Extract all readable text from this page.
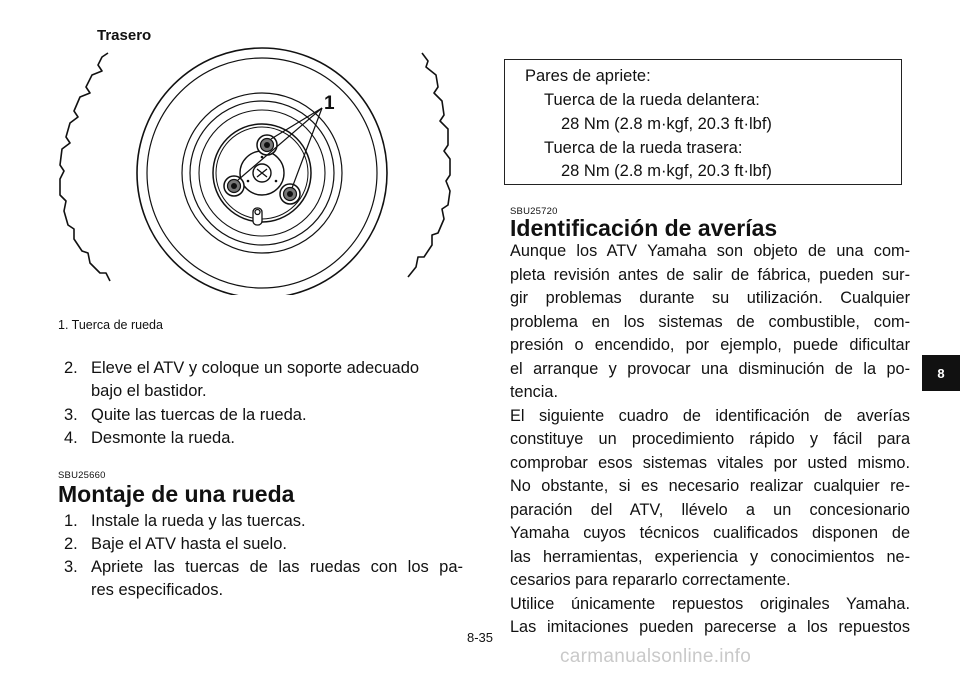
Trasero
1
1. Tuerca de rueda
2. Eleve el ATV y coloque un soporte adecuado
bajo el bastidor.
3. Quite las tuercas de la rueda.
4. Desmonte la rueda.
SBU25660
Montaje de una rueda
1. Instale la rueda y las tuercas.
2. Baje el ATV hasta el suelo.
3. Apriete las tuercas de las ruedas con los pa-
res especificados.
Pares de apriete:
Tuerca de la rueda delantera:
28 Nm (2.8 m·kgf, 20.3 ft·lbf)
Tuerca de la rueda trasera:
28 Nm (2.8 m·kgf, 20.3 ft·lbf)
SBU25720
Identificación de averías

Aunque los ATV Yamaha son objeto de una com-
pleta revisión antes de salir de fábrica, pueden sur-
gir problemas durante su utilización. Cualquier
problema en los sistemas de combustible, com-
presión o encendido, por ejemplo, puede dificultar
el arranque y provocar una disminución de la po-
tencia.

El siguiente cuadro de identificación de averías
constituye un procedimiento rápido y fácil para
comprobar esos sistemas vitales por usted mismo.
No obstante, si es necesario realizar cualquier re-
paración del ATV, llévelo a un concesionario
Yamaha cuyos técnicos cualificados disponen de
las herramientas, experiencia y conocimientos ne-
cesarios para repararlo correctamente.

Utilice únicamente repuestos originales Yamaha.
Las imitaciones pueden parecerse a los repuestos

8
8-35
carmanualsonline.info
